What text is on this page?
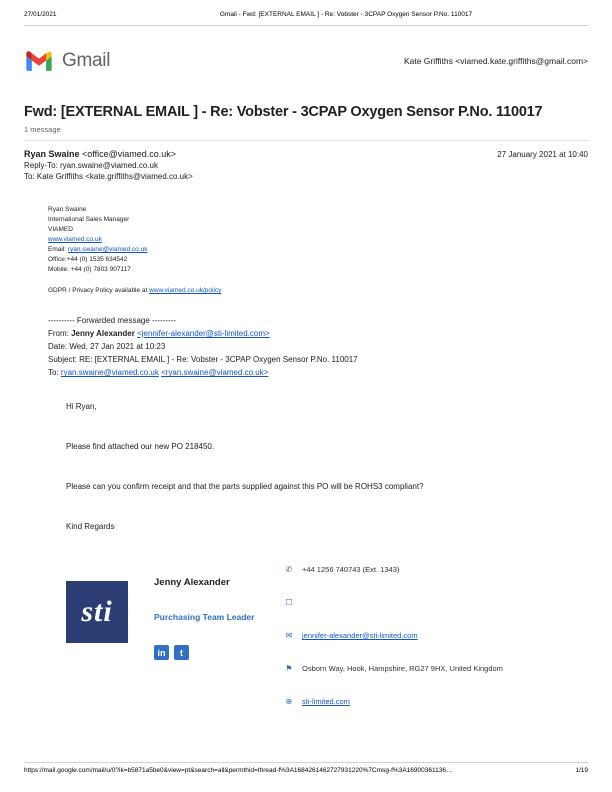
27/01/2021	Gmail - Fwd: [EXTERNAL EMAIL ] - Re: Vobster - 3CPAP Oxygen Sensor P.No. 110017
Gmail	Kate Griffiths <viamed.kate.griffiths@gmail.com>
Fwd: [EXTERNAL EMAIL ] - Re: Vobster - 3CPAP Oxygen Sensor P.No. 110017
1 message
Ryan Swaine <office@viamed.co.uk>	27 January 2021 at 10:40
Reply-To: ryan.swaine@viamed.co.uk
To: Kate Griffiths <kate.griffiths@viamed.co.uk>
Ryan Swaine
International Sales Manager
VIAMED
www.viamed.co.uk
Email: ryan.swaine@viamed.co.uk
Office:+44 (0) 1535 634542
Mobile: +44 (0) 7803 907117
GDPR / Privacy Policy available at www.viamed.co.uk/policy
---------- Forwarded message ---------
From: Jenny Alexander <jennifer-alexander@sti-limited.com>
Date: Wed, 27 Jan 2021 at 10:23
Subject: RE: [EXTERNAL EMAIL ] - Re: Vobster - 3CPAP Oxygen Sensor P.No. 110017
To: ryan.swaine@viamed.co.uk <ryan.swaine@viamed.co.uk>

Hi Ryan,

Please find attached our new PO 218450.

Please can you confirm receipt and that the parts supplied against this PO will be ROHS3 compliant?

Kind Regards

sti
Jenny Alexander
Purchasing Team Leader
in	t
✆ +44 1256 740743 (Ext. 1343)
☐
✉ jennifer-alexander@sti-limited.com
⚑ Osborn Way, Hook, Hampshire, RG27 9HX, United Kingdom
⊕ sti-limited.com
https://mail.google.com/mail/u/0?ik=b5871a5be0&view=pt&search=all&permthid=thread-f%3A1684261462727931220%7Cmsg-f%3A16900361136…	1/19
